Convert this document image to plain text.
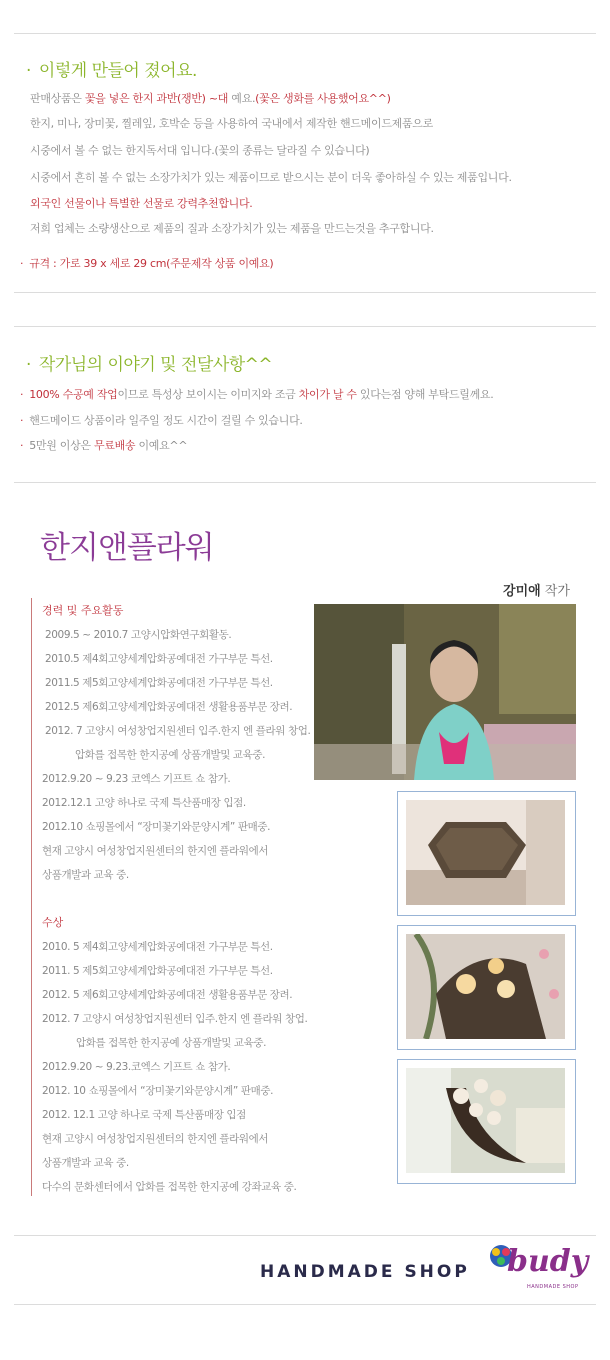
· 이렇게 만들어 졌어요.
판매상품은 꽃을 넣은 한지 과반(쟁반) ~대 예요.(꽃은 생화를 사용했어요^^)
한지, 미나, 장미꽃, 찔레잎, 호박순 등을 사용하여 국내에서 제작한 핸드메이드제품으로
시중에서 볼 수 없는 한지독서대 입니다.(꽃의 종류는 달라질 수 있습니다)
시중에서 흔히 볼 수 없는 소장가치가 있는 제품이므로 받으시는 분이 더욱 좋아하실 수 있는 제품입니다.
외국인 선물이나 특별한 선물로 강력추천합니다.
저희 업체는 소량생산으로 제품의 질과 소장가치가 있는 제품을 만드는것을 추구합니다.
· 규격 : 가로 39 x 세로 29 cm(주문제작 상품 이예요)
· 작가님의 이야기 및 전달사항^^
· 100% 수공예 작업이므로 특성상 보이시는 이미지와 조금 차이가 날 수 있다는점 양해 부탁드릴께요.
· 핸드메이드 상품이라 일주일 정도 시간이 걸릴 수 있습니다.
· 5만원 이상은 무료배송 이예요^^
한지앤플라워
강미애 작가
경력 및 주요활동
2009.5 ~ 2010.7 고양시압화연구회활동.
2010.5 제4회고양세계압화공예대전 가구부문 특선.
2011.5 제5회고양세계압화공예대전 가구부문 특선.
2012.5 제6회고양세계압화공예대전 생활용품부문 장려.
2012. 7 고양시 여성창업지원센터 입주.한지 엔 플라워 창업.
압화를 접목한 한지공예 상품개발및 교육중.
2012.9.20 ~ 9.23 코엑스 기프트 쇼 참가.
2012.12.1 고양 하나로 국제 특산품매장 입점.
2012.10 쇼핑몰에서 “장미꽃기와문양시계” 판매중.
현재 고양시 여성창업지원센터의 한지엔 플라워에서
상품개발과 교육 중.
수상
2010. 5 제4회고양세계압화공예대전 가구부문 특선.
2011. 5 제5회고양세계압화공예대전 가구부문 특선.
2012. 5 제6회고양세계압화공예대전 생활용품부문 장려.
2012. 7 고양시 여성창업지원센터 입주.한지 엔 플라워 창업.
압화를 접목한 한지공예 상품개발및 교육중.
2012.9.20 ~ 9.23.코엑스 기프트 쇼 참가.
2012. 10 쇼핑몰에서 “장미꽃기와문양시계” 판매중.
2012. 12.1 고양 하나로 국제 특산품매장 입점
현재 고양시 여성창업지원센터의 한지엔 플라워에서
상품개발과 교육 중.
다수의 문화센터에서 압화를 접목한 한지공예 강좌교육 중.
HANDMADE SHOP budy
HANDMADE SHOP
